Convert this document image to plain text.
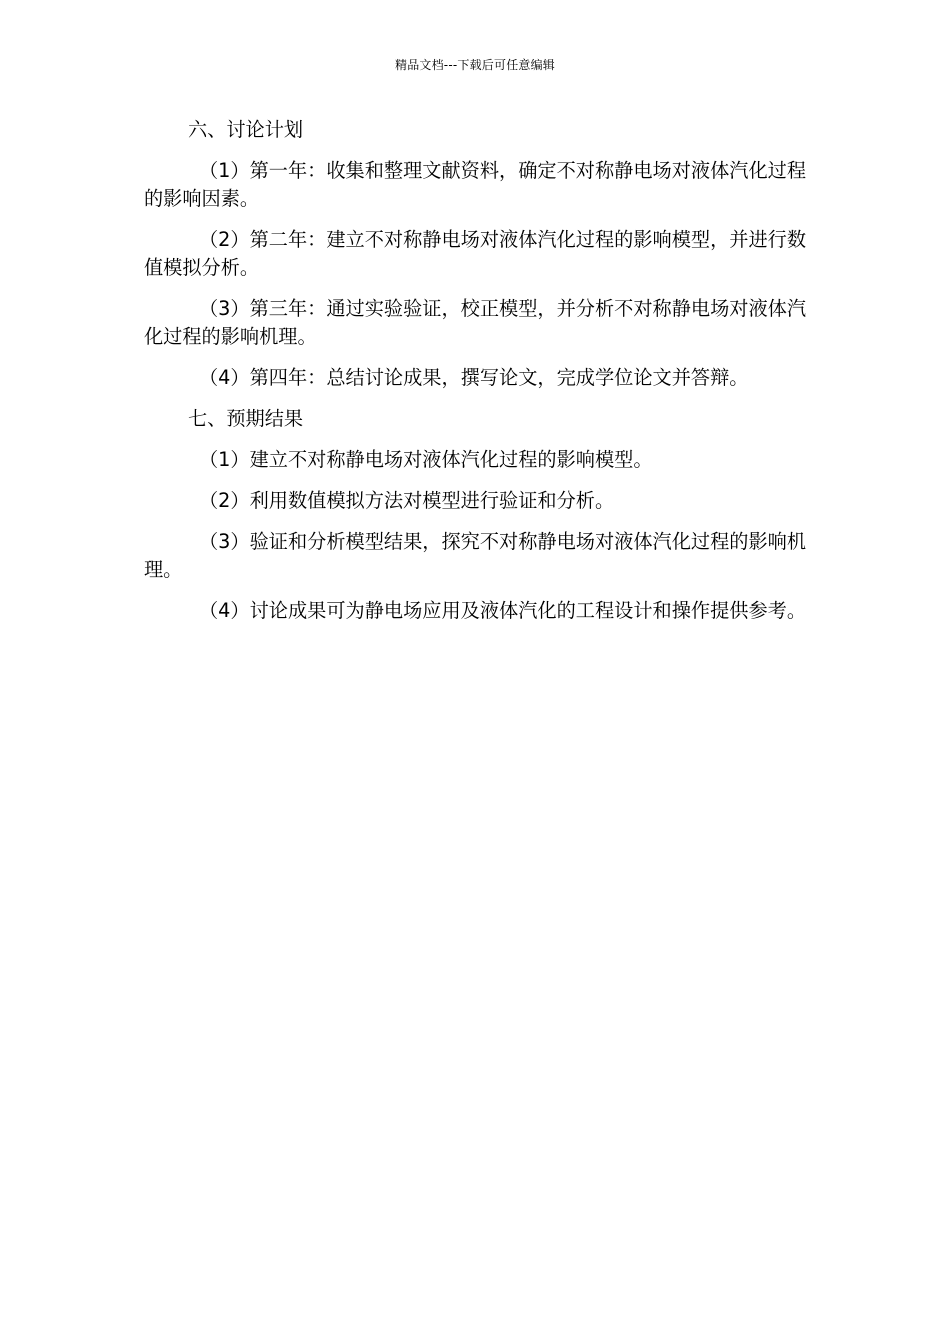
精品文档---下载后可任意编辑

六、讨论计划

（1）第一年：收集和整理文献资料，确定不对称静电场对液体汽化过程的影响因素。

（2）第二年：建立不对称静电场对液体汽化过程的影响模型，并进行数值模拟分析。

（3）第三年：通过实验验证，校正模型，并分析不对称静电场对液体汽化过程的影响机理。

（4）第四年：总结讨论成果，撰写论文，完成学位论文并答辩。

七、预期结果

（1）建立不对称静电场对液体汽化过程的影响模型。

（2）利用数值模拟方法对模型进行验证和分析。

（3）验证和分析模型结果，探究不对称静电场对液体汽化过程的影响机理。

（4）讨论成果可为静电场应用及液体汽化的工程设计和操作提供参考。
